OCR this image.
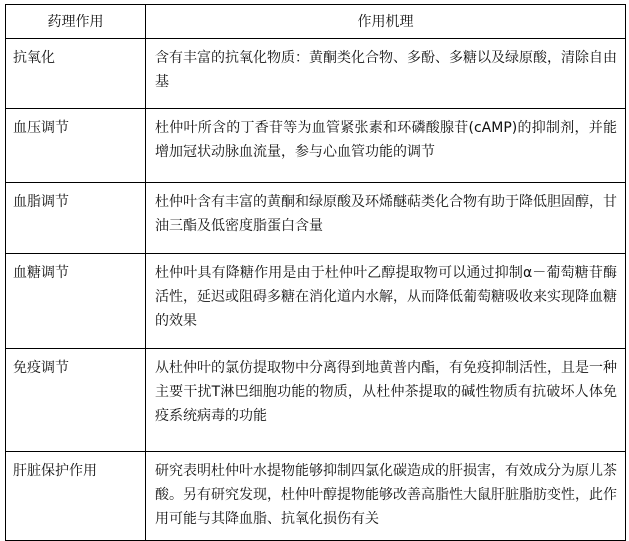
药理作用	作用机理
抗氧化	含有丰富的抗氧化物质：黄酮类化合物、多酚、多糖以及绿原酸，清除自由基
血压调节	杜仲叶所含的丁香苷等为血管紧张素和环磷酸腺苷(cAMP)的抑制剂，并能增加冠状动脉血流量，参与心血管功能的调节
血脂调节	杜仲叶含有丰富的黄酮和绿原酸及环烯醚萜类化合物有助于降低胆固醇，甘油三酯及低密度脂蛋白含量
血糖调节	杜仲叶具有降糖作用是由于杜仲叶乙醇提取物可以通过抑制α－葡萄糖苷酶活性，延迟或阻碍多糖在消化道内水解，从而降低葡萄糖吸收来实现降血糖的效果
免疫调节	从杜仲叶的氯仿提取物中分离得到地黄普内酯，有免疫抑制活性，且是一种主要干扰T淋巴细胞功能的物质，从杜仲茶提取的碱性物质有抗破坏人体免疫系统病毒的功能
肝脏保护作用	研究表明杜仲叶水提物能够抑制四氯化碳造成的肝损害，有效成分为原儿茶酸。另有研究发现，杜仲叶醇提物能够改善高脂性大鼠肝脏脂肪变性，此作用可能与其降血脂、抗氧化损伤有关
